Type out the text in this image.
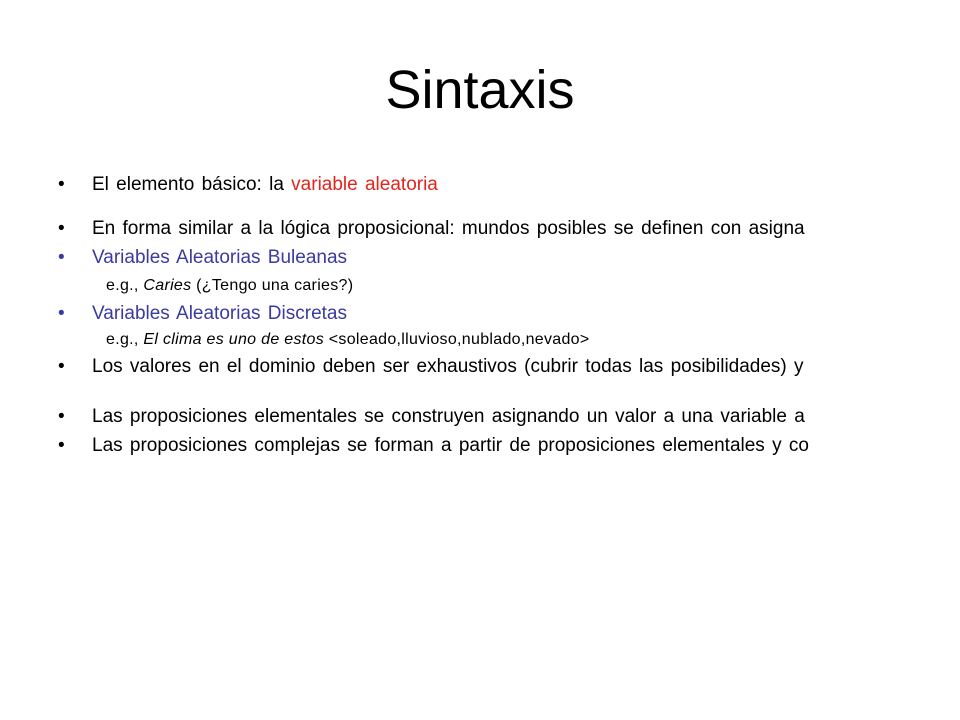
Sintaxis
• El elemento básico: la variable aleatoria
• En forma similar a la lógica proposicional: mundos posibles se definen con asigna
• Variables Aleatorias Buleanas
e.g., Caries (¿Tengo una caries?)
• Variables Aleatorias Discretas
e.g., El clima es uno de estos <soleado,lluvioso,nublado,nevado>
• Los valores en el dominio deben ser exhaustivos (cubrir todas las posibilidades) y
• Las proposiciones elementales se construyen asignando un valor a una variable a
• Las proposiciones complejas se forman a partir de proposiciones elementales y co
